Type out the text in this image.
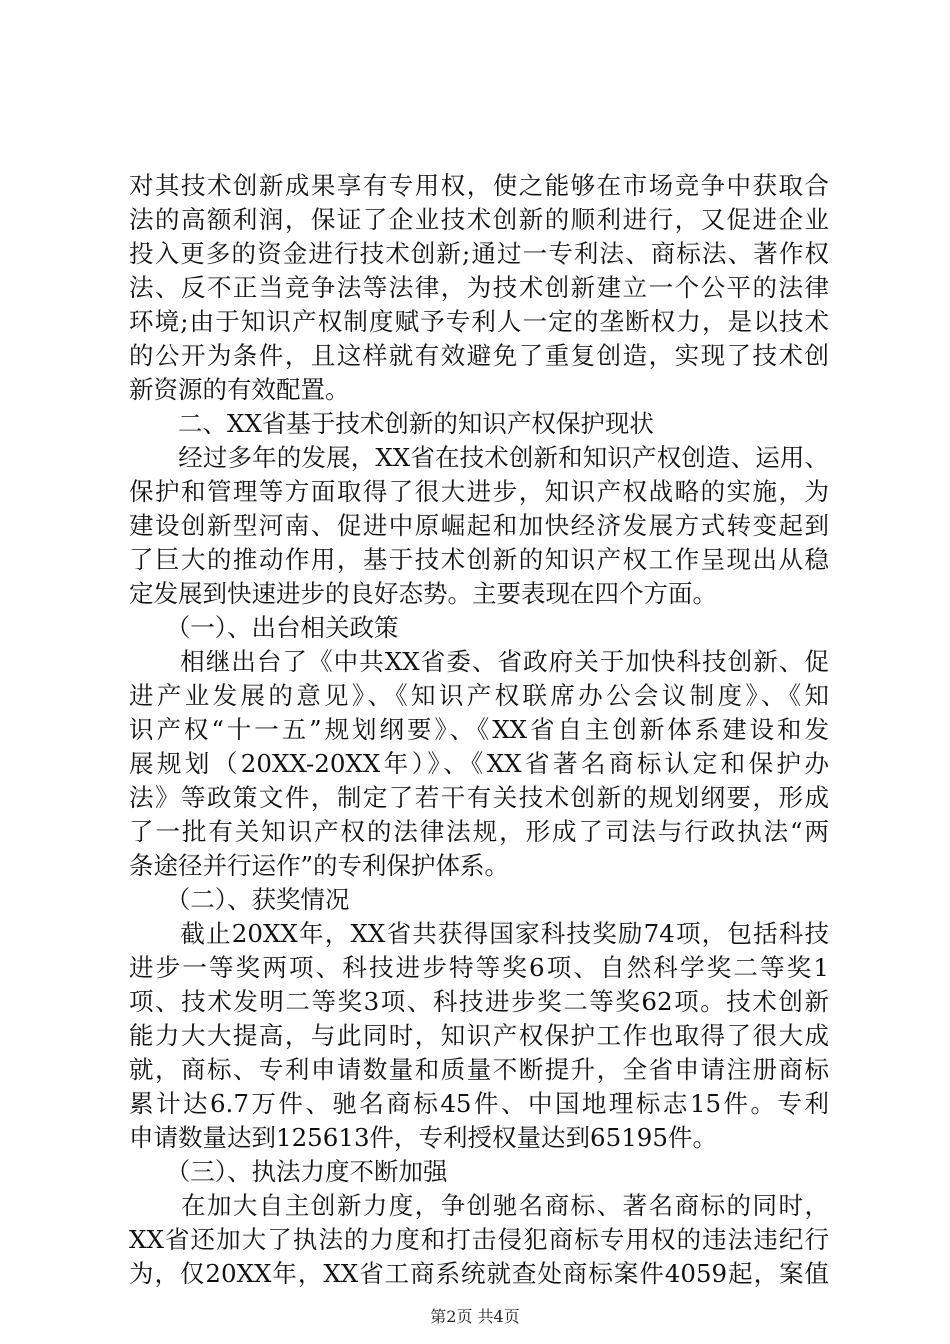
对其技术创新成果享有专用权，使之能够在市场竞争中获取合
法的高额利润，保证了企业技术创新的顺利进行，又促进企业
投入更多的资金进行技术创新;通过一专利法、商标法、著作权
法、反不正当竞争法等法律，为技术创新建立一个公平的法律
环境;由于知识产权制度赋予专利人一定的垄断权力，是以技术
的公开为条件，且这样就有效避免了重复创造，实现了技术创
新资源的有效配置。
　　二、XX省基于技术创新的知识产权保护现状
　　经过多年的发展，XX省在技术创新和知识产权创造、运用、
保护和管理等方面取得了很大进步，知识产权战略的实施，为
建设创新型河南、促进中原崛起和加快经济发展方式转变起到
了巨大的推动作用，基于技术创新的知识产权工作呈现出从稳
定发展到快速进步的良好态势。主要表现在四个方面。
　　（一）、出台相关政策
　　相继出台了《中共XX省委、省政府关于加快科技创新、促
进产业发展的意见》、《知识产权联席办公会议制度》、《知
识产权“十一五”规划纲要》、《XX省自主创新体系建设和发
展规划（20XX-20XX年）》、《XX省著名商标认定和保护办
法》等政策文件，制定了若干有关技术创新的规划纲要，形成
了一批有关知识产权的法律法规，形成了司法与行政执法“两
条途径并行运作”的专利保护体系。
　　（二）、获奖情况
　　截止20XX年，XX省共获得国家科技奖励74项，包括科技
进步一等奖两项、科技进步特等奖6项、自然科学奖二等奖1
项、技术发明二等奖3项、科技进步奖二等奖62项。技术创新
能力大大提高，与此同时，知识产权保护工作也取得了很大成
就，商标、专利申请数量和质量不断提升，全省申请注册商标
累计达6.7万件、驰名商标45件、中国地理标志15件。专利
申请数量达到125613件，专利授权量达到65195件。
　　（三）、执法力度不断加强
　　在加大自主创新力度，争创驰名商标、著名商标的同时，
XX省还加大了执法的力度和打击侵犯商标专用权的违法违纪行
为，仅20XX年，XX省工商系统就查处商标案件4059起，案值
第2页 共4页
